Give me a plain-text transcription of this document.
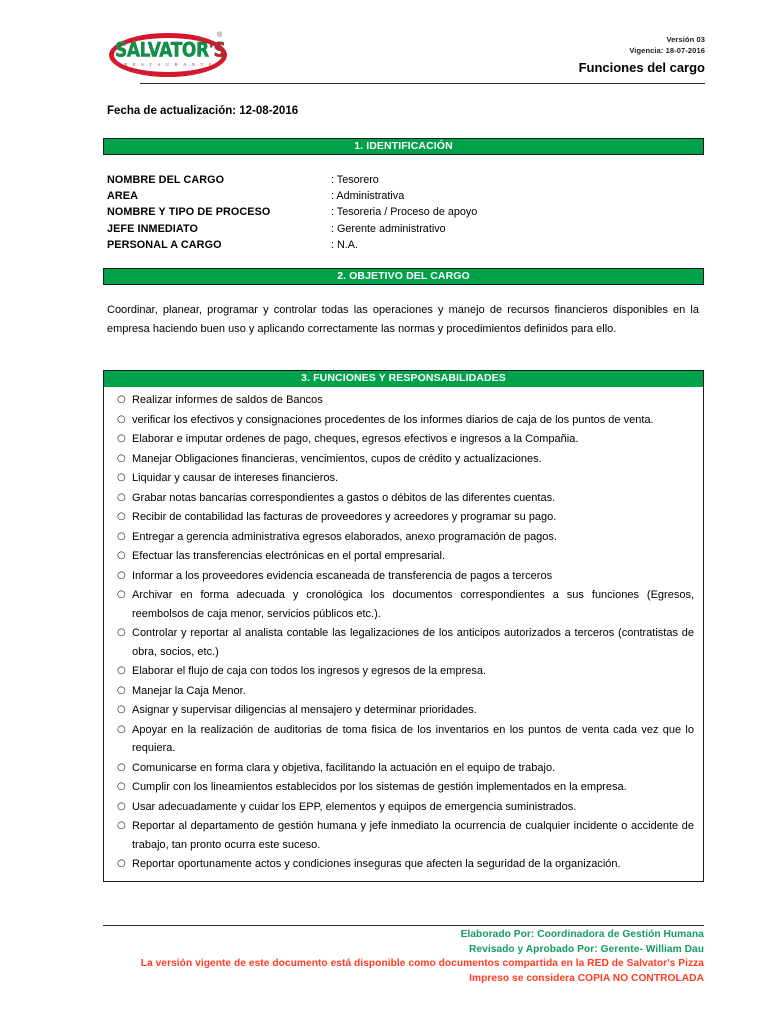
SALVATOR'S
R E S T A U R A N T E
®	Versión 03
Vigencia: 18-07-2016
Funciones del cargo
Fecha de actualización: 12-08-2016
1. IDENTIFICACIÓN
NOMBRE DEL CARGO	: Tesorero
AREA	: Administrativa
NOMBRE Y TIPO DE PROCESO	: Tesoreria / Proceso de apoyo
JEFE INMEDIATO	: Gerente administrativo
PERSONAL A CARGO	: N.A.
2. OBJETIVO DEL CARGO
Coordinar, planear, programar y controlar todas las operaciones y manejo de recursos financieros disponibles en la empresa haciendo buen uso y aplicando correctamente las normas y procedimientos definidos para ello.
3. FUNCIONES Y RESPONSABILIDADES
○ Realizar informes de saldos de Bancos
○ verificar los efectivos y consignaciones procedentes de los informes diarios de caja de los puntos de venta.
○ Elaborar e imputar ordenes de pago, cheques, egresos efectivos e ingresos a la Compañia.
○ Manejar Obligaciones financieras, vencimientos, cupos de crédito y actualizaciones.
○ Liquidar y causar de intereses financieros.
○ Grabar notas bancarias correspondientes a gastos o débitos de las diferentes cuentas.
○ Recibir de contabilidad las facturas de proveedores y acreedores y programar su pago.
○ Entregar a gerencia administrativa egresos elaborados, anexo programación de pagos.
○ Efectuar las transferencias electrónicas en el portal empresarial.
○ Informar a los proveedores evidencia escaneada de transferencia de pagos a terceros
○ Archivar en forma adecuada y cronológica los documentos correspondientes a sus funciones (Egresos, reembolsos de caja menor, servicios públicos etc.).
○ Controlar y reportar al analista contable las legalizaciones de los anticipos autorizados a terceros (contratistas de obra, socios, etc.)
○ Elaborar el flujo de caja con todos los ingresos y egresos de la empresa.
○ Manejar la Caja Menor.
○ Asignar y supervisar diligencias al mensajero y determinar prioridades.
○ Apoyar en la realización de auditorias de toma fisica de los inventarios en los puntos de venta cada vez que lo requiera.
○ Comunicarse en forma clara y objetiva, facilitando la actuación en el equipo de trabajo.
○ Cumplir con los lineamientos establecidos por los sistemas de gestión implementados en la empresa.
○ Usar adecuadamente y cuidar los EPP, elementos y equipos de emergencia suministrados.
○ Reportar al departamento de gestión humana y jefe inmediato la ocurrencia de cualquier incidente o accidente de trabajo, tan pronto ocurra este suceso.
○ Reportar oportunamente actos y condiciones inseguras que afecten la seguridad de la organización.
Elaborado Por: Coordinadora de Gestión Humana
Revisado y Aprobado Por: Gerente- William Dau
La versión vigente de este documento está disponible como documentos compartida en la RED de Salvator's Pizza
Impreso se considera COPIA NO CONTROLADA
